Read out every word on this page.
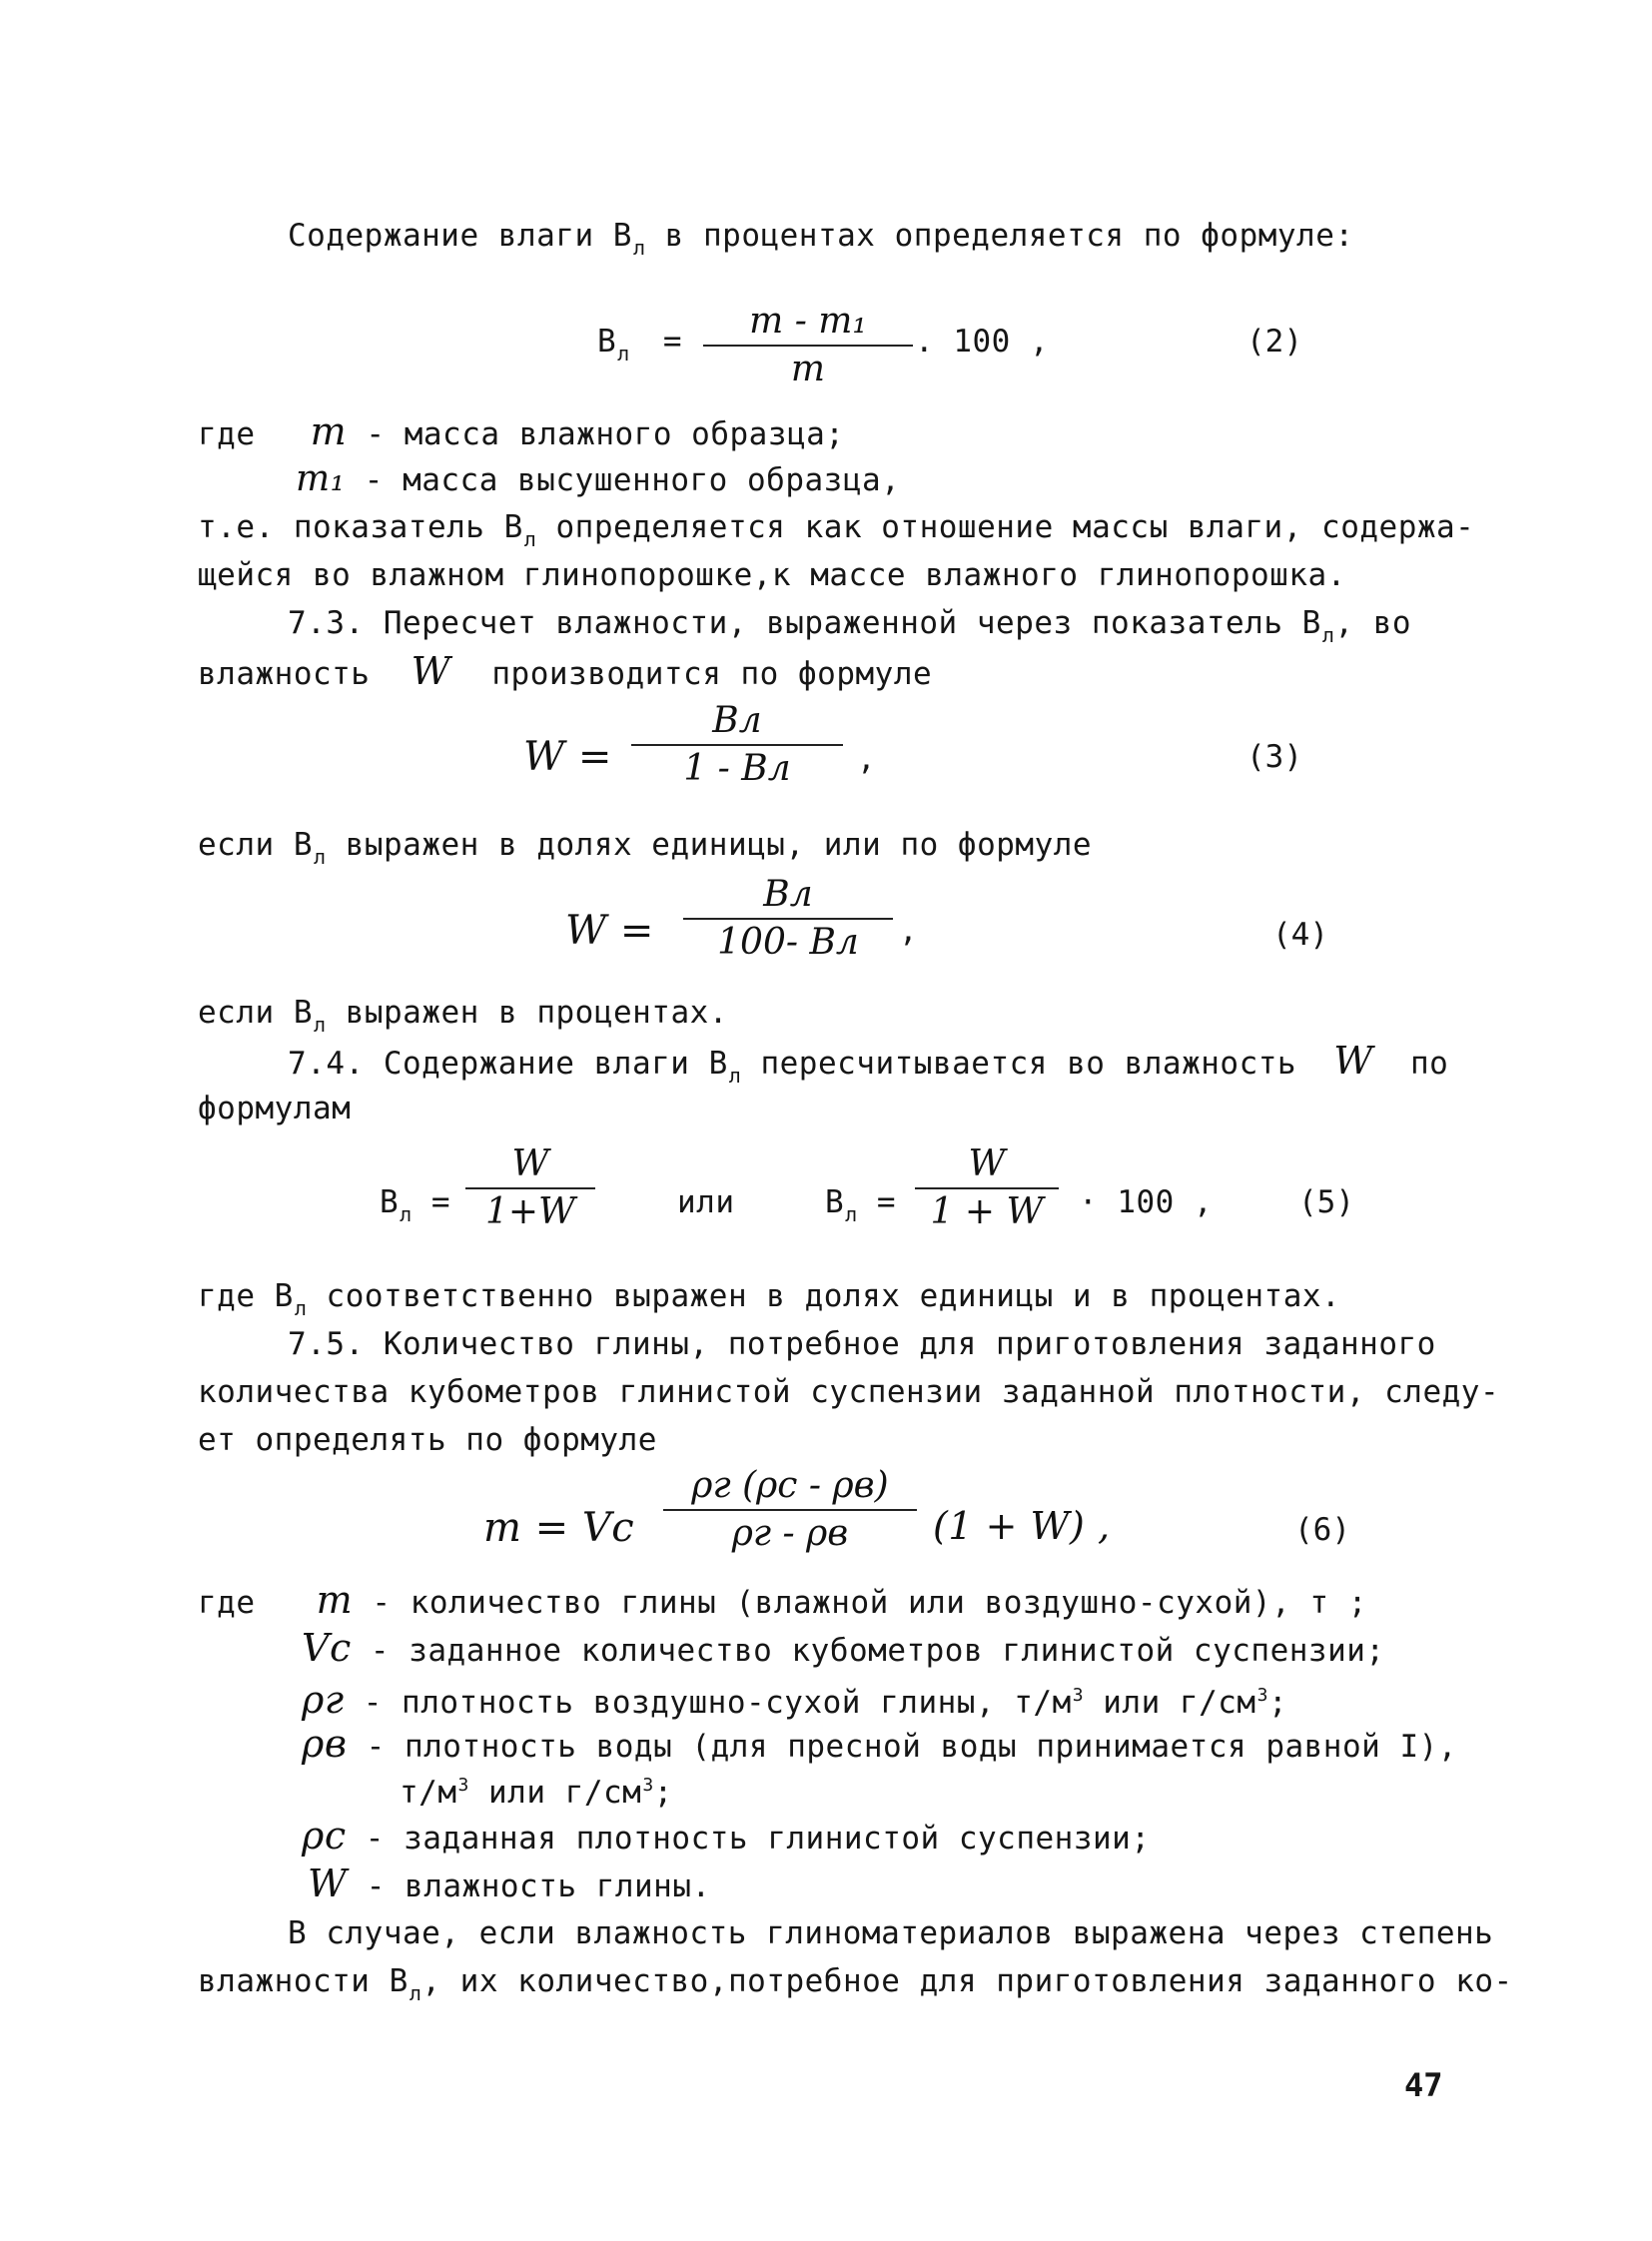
Содержание влаги $В_л$ в процентах определяется по формуле:
$В_л$ =	m - m₁
m
. 100 ,	(2)
где m - масса влажного образца;
m₁ - масса высушенного образца,
т.е. показатель $В_л$ определяется как отношение массы влаги, содержа-
щейся во влажном глинопорошке,к массе влажного глинопорошка.
7.3. Пересчет влажности, выраженной через показатель $В_л$, во
влажность W производится по формуле
W =
Вл
1 - Вл	,	(3)
если $В_л$ выражен в долях единицы, или по формуле
W =
Вл
100- Вл	,	(4)
если $В_л$ выражен в процентах.
7.4. Содержание влаги $В_л$ пересчитывается во влажность W по
формулам
$В_л$ =
W
1+W	или	$В_л$ =
W
1 + W	· 100 ,	(5)
где $В_л$ соответственно выражен в долях единицы и в процентах.
7.5. Количество глины, потребное для приготовления заданного
количества кубометров глинистой суспензии заданной плотности, следу-
ет определять по формуле
m = Vc
ρг (ρс - ρв)
ρг - ρв	(1 + W) ,	(6)
где m - количество глины (влажной или воздушно-сухой), т ;
Vc - заданное количество кубометров глинистой суспензии;
ρг - плотность воздушно-сухой глины, $т/м^3$ или $г/см^3$;
ρв - плотность воды (для пресной воды принимается равной I),
$т/м^3$ или $г/см^3$;
ρс - заданная плотность глинистой суспензии;
W - влажность глины.
В случае, если влажность глиноматериалов выражена через степень
влажности $В_л$, их количество,потребное для приготовления заданного ко-
47
